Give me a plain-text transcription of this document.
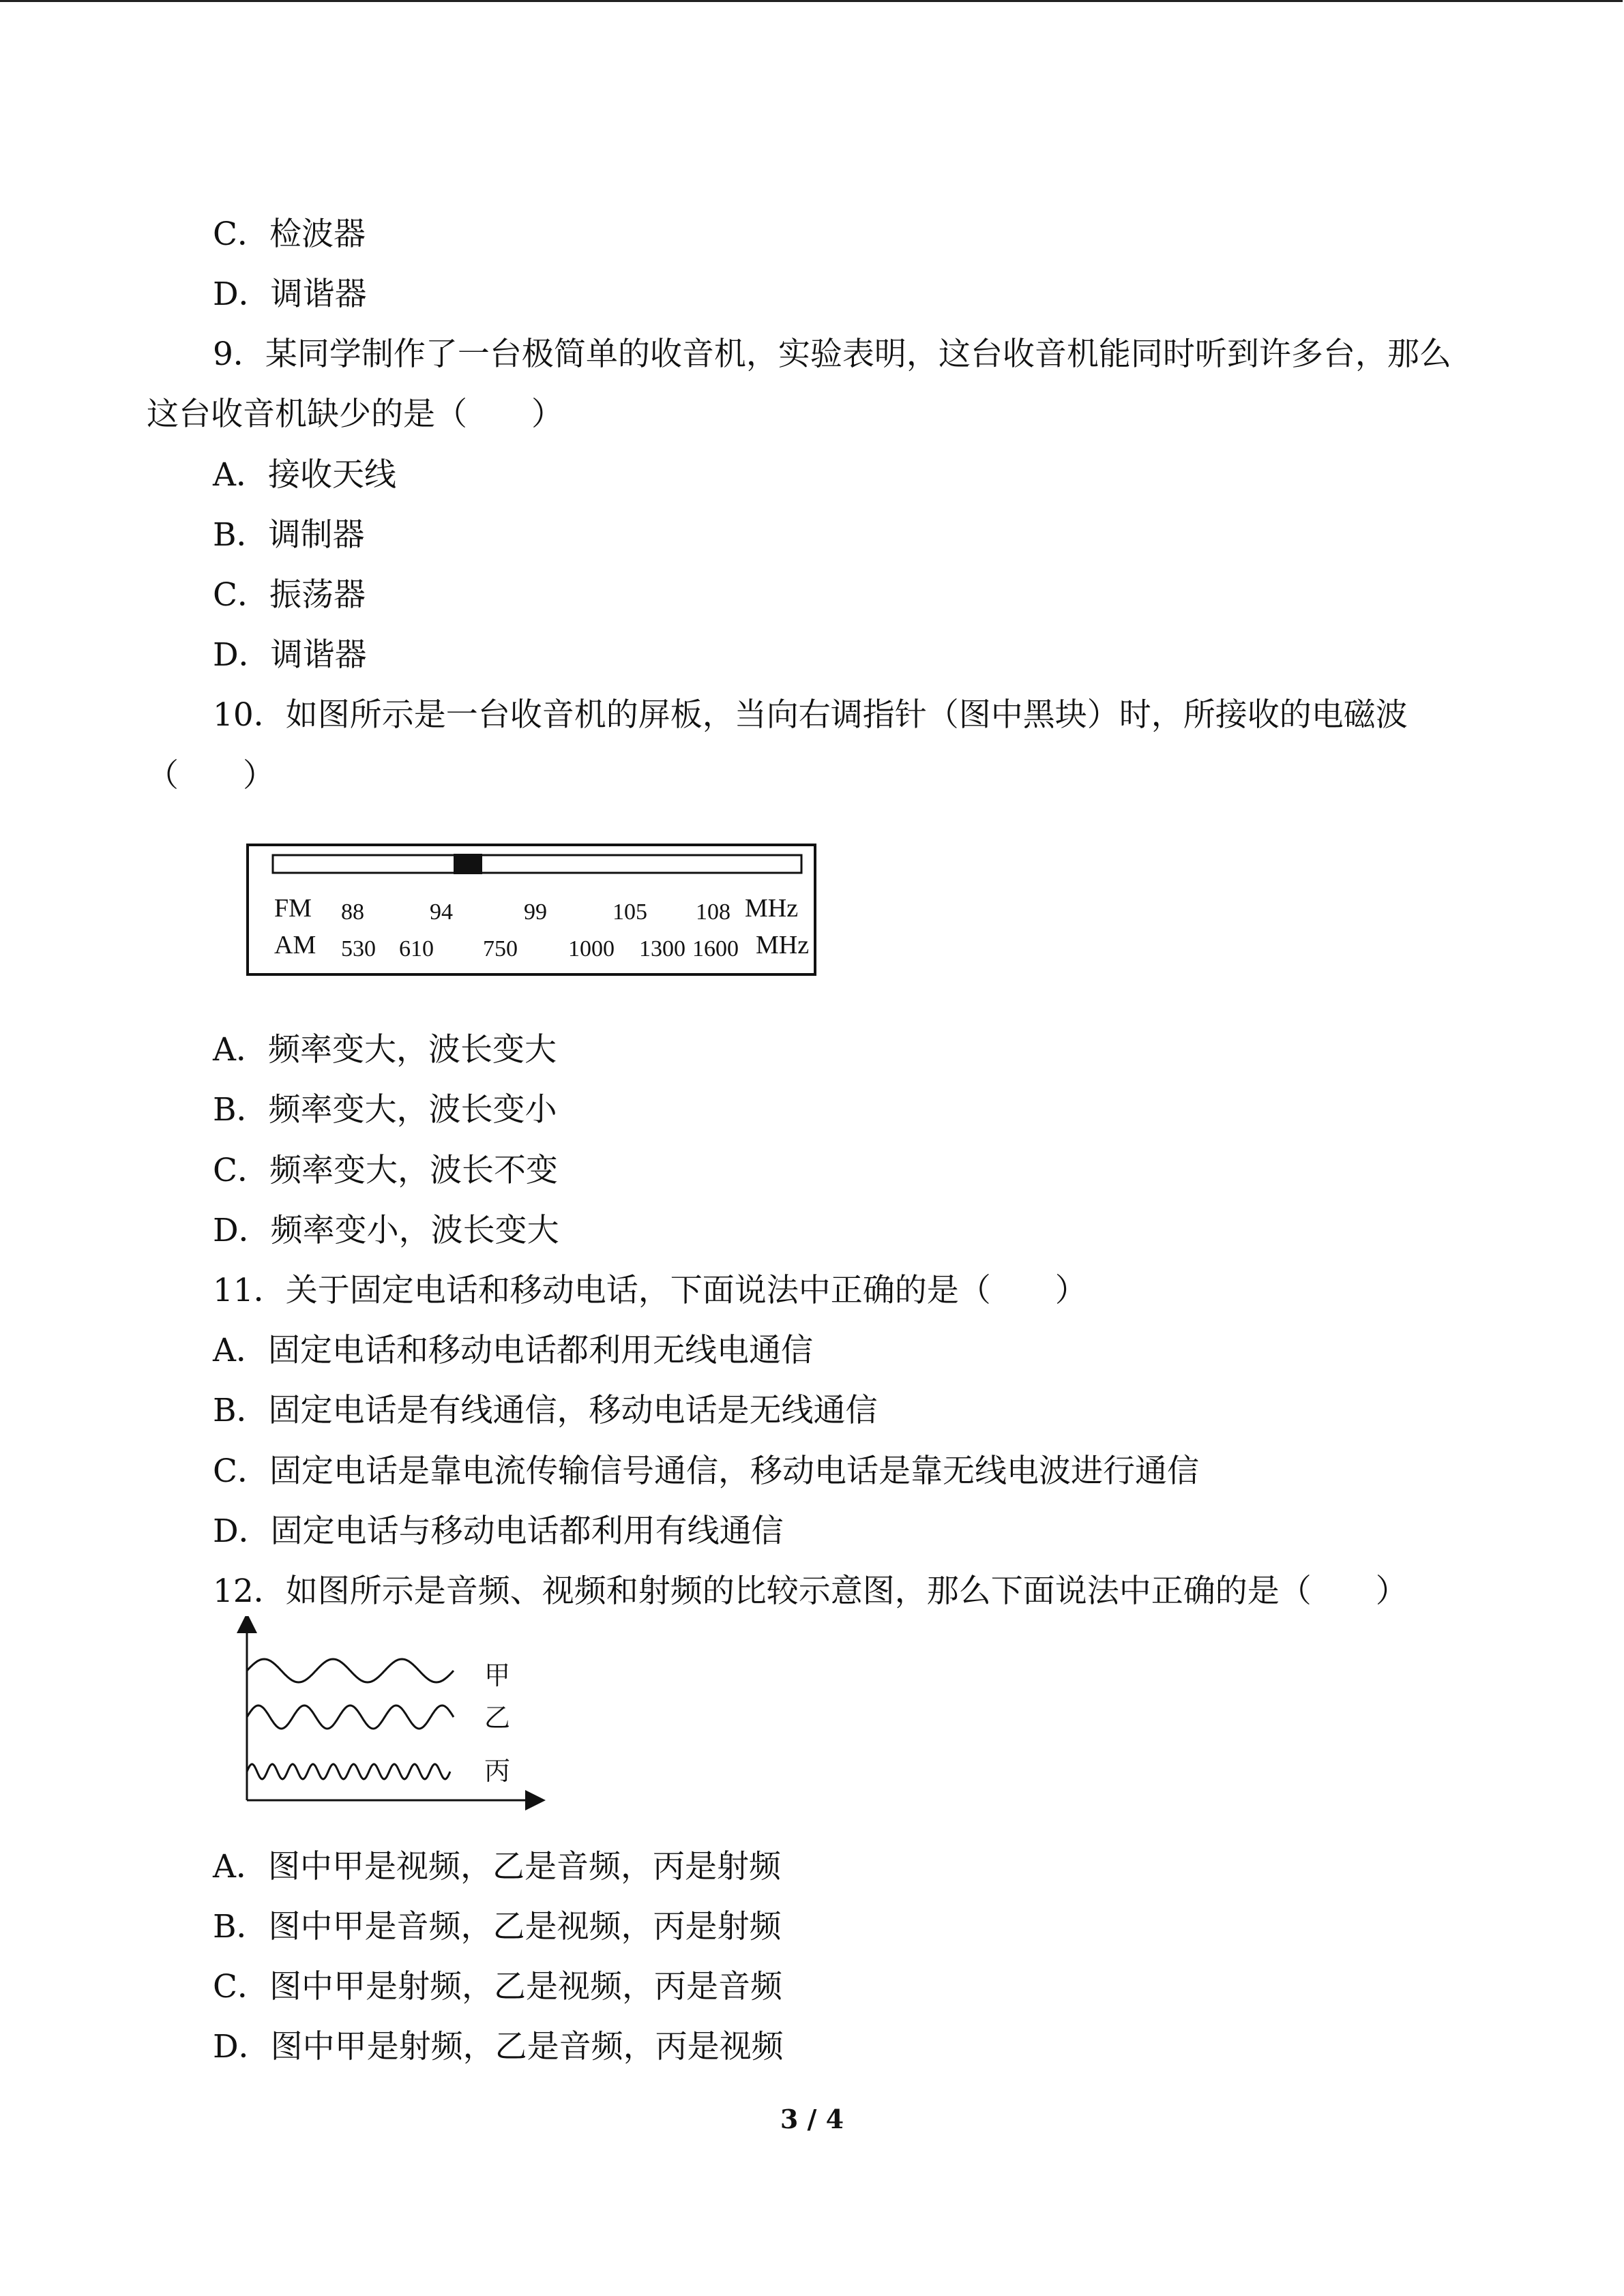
C．检波器
D．调谐器
9．某同学制作了一台极简单的收音机，实验表明，这台收音机能同时听到许多台，那么
这台收音机缺少的是（　　）
A．接收天线
B．调制器
C．振荡器
D．调谐器
10．如图所示是一台收音机的屏板，当向右调指针（图中黑块）时，所接收的电磁波
（　　）
FM 88	94	99	105 108 MHz
AM 530 610 750 1000 1300 1600 MHz
A．频率变大，波长变大
B．频率变大，波长变小
C．频率变大，波长不变
D．频率变小，波长变大
11．关于固定电话和移动电话，下面说法中正确的是（　　）
A．固定电话和移动电话都利用无线电通信
B．固定电话是有线通信，移动电话是无线通信
C．固定电话是靠电流传输信号通信，移动电话是靠无线电波进行通信
D．固定电话与移动电话都利用有线通信
12．如图所示是音频、视频和射频的比较示意图，那么下面说法中正确的是（　　）
甲
乙
丙
A．图中甲是视频，乙是音频，丙是射频
B．图中甲是音频，乙是视频，丙是射频
C．图中甲是射频，乙是视频，丙是音频
D．图中甲是射频，乙是音频，丙是视频
3 / 4
